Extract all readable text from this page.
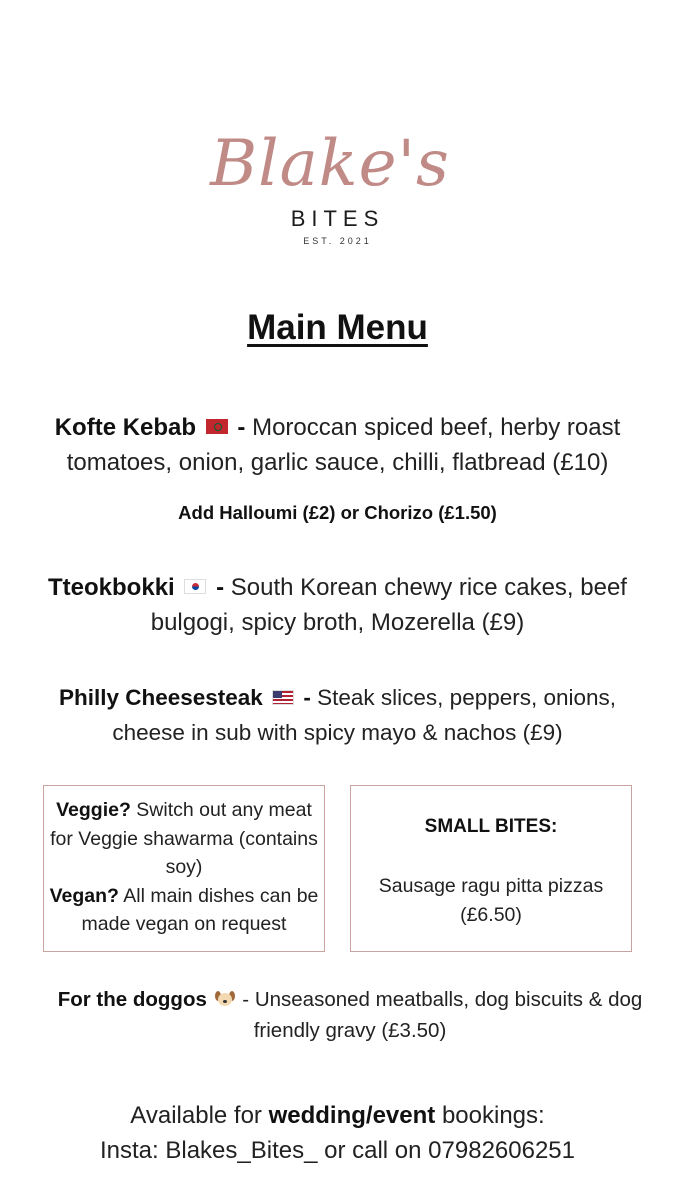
Blake's
BITES
EST. 2021
Main Menu
Kofte Kebab - Moroccan spiced beef, herby roast tomatoes, onion, garlic sauce, chilli, flatbread (£10)
Add Halloumi (£2) or Chorizo (£1.50)
Tteokbokki - South Korean chewy rice cakes, beef bulgogi, spicy broth, Mozerella (£9)
Philly Cheesesteak - Steak slices, peppers, onions, cheese in sub with spicy mayo & nachos (£9)
Veggie? Switch out any meat for Veggie shawarma (contains soy)
Vegan? All main dishes can be made vegan on request
SMALL BITES:
Sausage ragu pitta pizzas (£6.50)
For the doggos - Unseasoned meatballs, dog biscuits & dog friendly gravy (£3.50)
Available for wedding/event bookings:
Insta: Blakes_Bites_ or call on 07982606251
